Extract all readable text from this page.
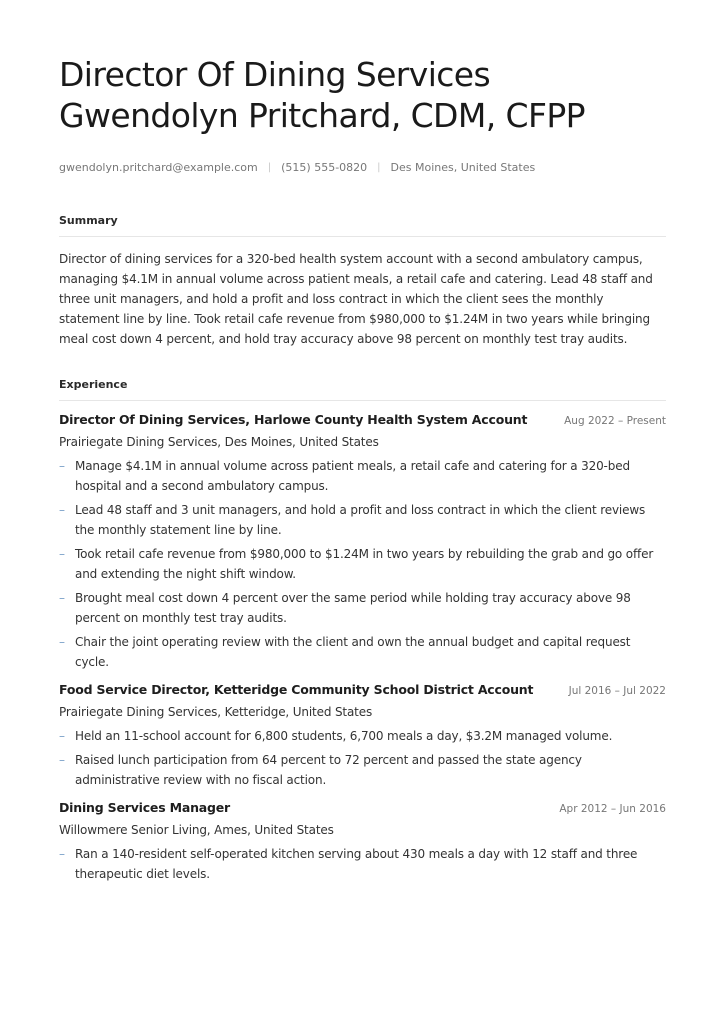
Director Of Dining Services
Gwendolyn Pritchard, CDM, CFPP
gwendolyn.pritchard@example.com | (515) 555-0820 | Des Moines, United States
Summary
Director of dining services for a 320-bed health system account with a second ambulatory campus, managing $4.1M in annual volume across patient meals, a retail cafe and catering. Lead 48 staff and three unit managers, and hold a profit and loss contract in which the client sees the monthly statement line by line. Took retail cafe revenue from $980,000 to $1.24M in two years while bringing meal cost down 4 percent, and hold tray accuracy above 98 percent on monthly test tray audits.
Experience
Director Of Dining Services, Harlowe County Health System Account	Aug 2022 – Present
Prairiegate Dining Services, Des Moines, United States
– Manage $4.1M in annual volume across patient meals, a retail cafe and catering for a 320-bed hospital and a second ambulatory campus.
– Lead 48 staff and 3 unit managers, and hold a profit and loss contract in which the client reviews the monthly statement line by line.
– Took retail cafe revenue from $980,000 to $1.24M in two years by rebuilding the grab and go offer and extending the night shift window.
– Brought meal cost down 4 percent over the same period while holding tray accuracy above 98 percent on monthly test tray audits.
– Chair the joint operating review with the client and own the annual budget and capital request cycle.
Food Service Director, Ketteridge Community School District Account	Jul 2016 – Jul 2022
Prairiegate Dining Services, Ketteridge, United States
– Held an 11-school account for 6,800 students, 6,700 meals a day, $3.2M managed volume.
– Raised lunch participation from 64 percent to 72 percent and passed the state agency administrative review with no fiscal action.
Dining Services Manager	Apr 2012 – Jun 2016
Willowmere Senior Living, Ames, United States
– Ran a 140-resident self-operated kitchen serving about 430 meals a day with 12 staff and three therapeutic diet levels.
